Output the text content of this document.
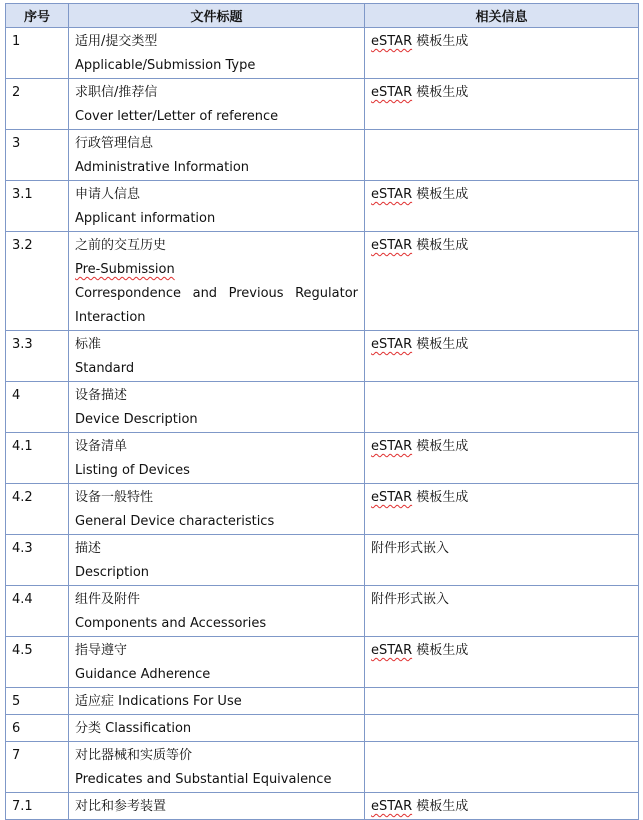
序号	文件标题	相关信息
1	适用/提交类型
Applicable/Submission Type	eSTAR 模板生成

2	求职信/推荐信
Cover letter/Letter of reference	eSTAR 模板生成

3	行政管理信息
Administrative Information	

3.1	申请人信息
Applicant information	eSTAR 模板生成

3.2	之前的交互历史
Pre-Submission
Correspondence and Previous Regulator Interaction	eSTAR 模板生成

3.3	标准
Standard	eSTAR 模板生成

4	设备描述
Device Description	

4.1	设备清单
Listing of Devices	eSTAR 模板生成

4.2	设备一般特性
General Device characteristics	eSTAR 模板生成

4.3	描述
Description	附件形式嵌入

4.4	组件及附件
Components and Accessories	附件形式嵌入

4.5	指导遵守
Guidance Adherence	eSTAR 模板生成

5	适应症 Indications For Use	

6	分类 Classification	

7	对比器械和实质等价
Predicates and Substantial Equivalence	

7.1	对比和参考装置	eSTAR 模板生成
